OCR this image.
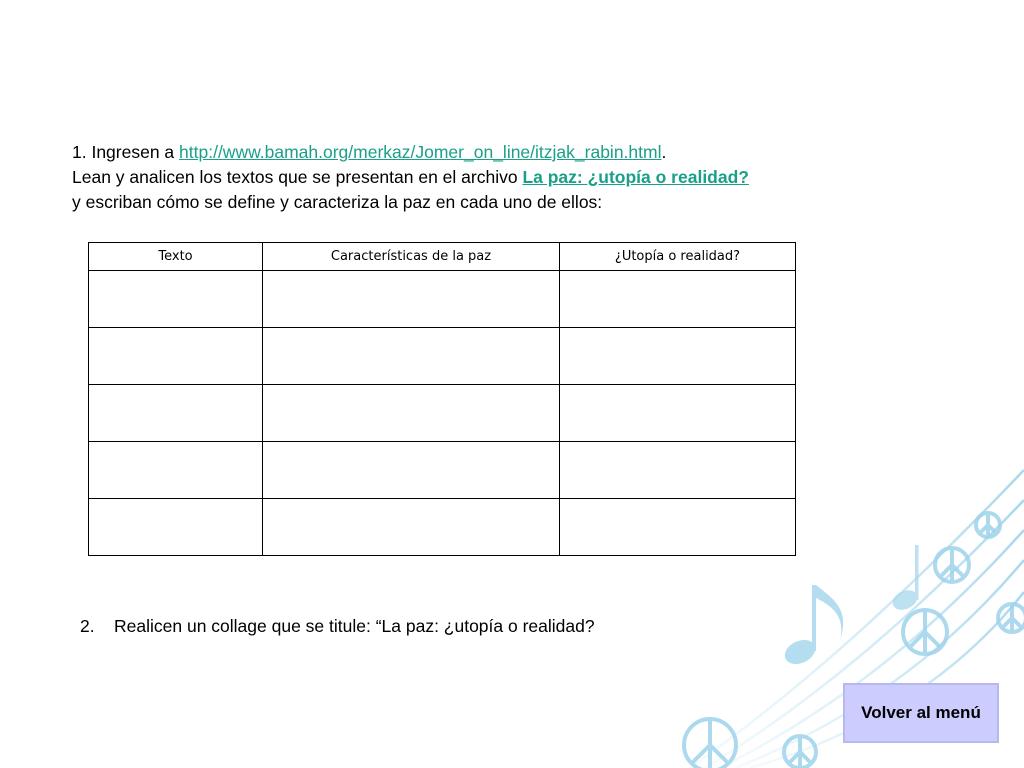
1. Ingresen a http://www.bamah.org/merkaz/Jomer_on_line/itzjak_rabin.html.

Lean y analicen los textos que se presentan en el archivo La paz: ¿utopía o realidad?

y escriban cómo se define y caracteriza la paz en cada uno de ellos:

Texto	Características de la paz	¿Utopía o realidad?

2. Realicen un collage que se titule: “La paz: ¿utopía o realidad?

Volver al menú
